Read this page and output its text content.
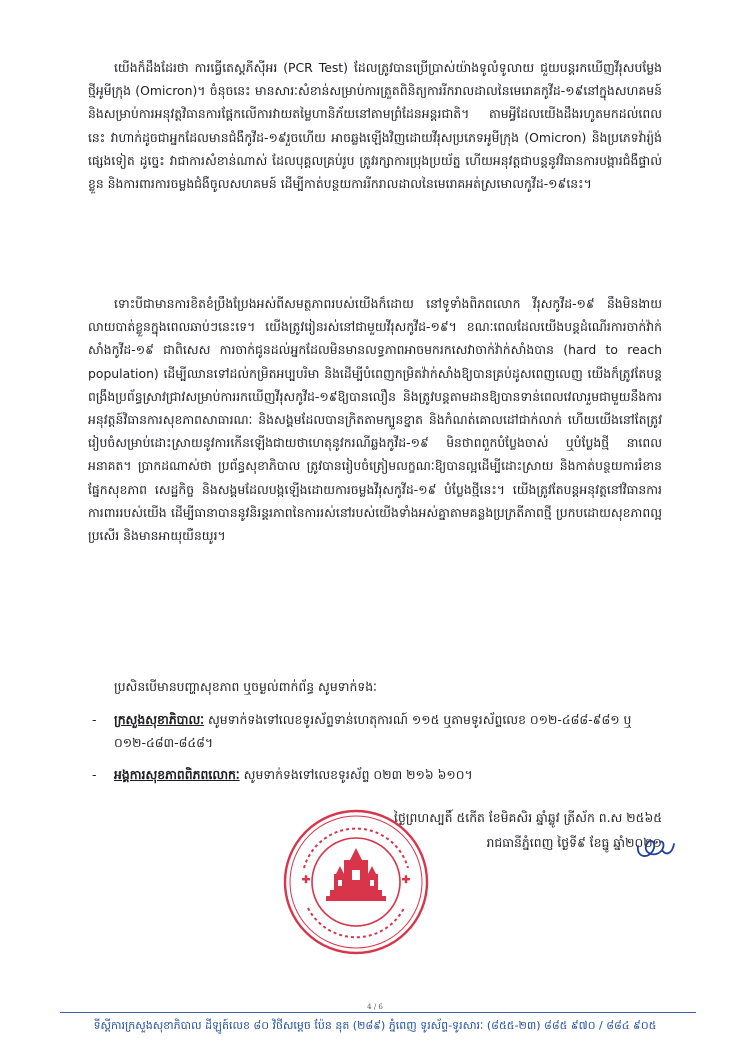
យើងក៏ដឹងដែរថា ការធ្វើតេស្តភីស៊ីអរ (PCR Test) ដែលត្រូវបានប្រើប្រាស់យ៉ាងទូលំទូលាយ ជួយបន្តរកឃើញវីរុសបម្លែងថ្មីអូមីក្រុង (Omicron)។ ចំនុចនេះ មានសារៈសំខាន់សម្រាប់ការត្រួតពិនិត្យការរីករាលដាលនៃមេរោគកូវីដ-១៩នៅក្នុងសហគមន៍ និងសម្រាប់ការអនុវត្តវិធានការផ្តែកលើការវាយតម្លៃហានិភ័យនៅតាមព្រំដែនអន្តរជាតិ។ តាមអ្វីដែលយើងដឹងរហូតមកដល់ពេលនេះ វាហាក់ដូចជាអ្នកដែលមានជំងឺកូវីដ-១៩រួចហើយ អាចឆ្លងឡើងវិញដោយវីរុសប្រភេទអូមីក្រុង (Omicron) និងប្រភេទវ៉ារ្យ៉ង់ផ្សេងទៀត ដូច្នេះ វាជាការសំខាន់ណាស់ ដែលបុគ្គលគ្រប់រូប ត្រូវរក្សាការប្រុងប្រយ័ត្ន ហើយអនុវត្តជាបន្តនូវវិធានការបង្ការជំងឺផ្ទាល់ខ្លួន និងការពារការចម្លងជំងឺចូលសហគមន៍ ដើម្បីកាត់បន្ថយការរីករាលដាលនៃមេរោគអត់ស្រមោលកូវីដ-១៩នេះ។

ទោះបីជាមានការខិតខំប្រឹងប្រែងអស់ពីសមត្ថភាពរបស់យើងក៏ដោយ នៅទូទាំងពិភពលោក វីរុសកូវីដ-១៩ នឹងមិនងាយលាយបាត់ខ្លួនក្នុងពេលឆាប់ៗនេះទេ។ យើងត្រូវរៀនរស់នៅជាមួយវីរុសកូវីដ-១៩។ ខណៈពេលដែលយើងបន្តដំណើរការចាក់វ៉ាក់សាំងកូវីដ-១៩ ជាពិសេស ការចាក់ជូនដល់អ្នកដែលមិនមានលទ្ធភាពអាចមករកសេវាចាក់វ៉ាក់សាំងបាន (hard to reach population) ដើម្បីឈានទៅដល់កម្រិតអប្បបរិមា និងដើម្បីបំពេញកម្រិតវ៉ាក់សាំងឱ្យបានគ្រប់ដូសពេញលេញ យើងក៏ត្រូវតែបន្តពង្រឹងប្រព័ន្ធស្រាវជ្រាវសម្រាប់ការរកឃើញវីរុសកូវីដ-១៩ឱ្យបានលឿន និងត្រូវបន្តតាមដានឱ្យបានទាន់ពេលវេលារួមជាមួយនឹងការអនុវត្តន៍វិធានការសុខភាពសាធារណៈ និងសង្គមដែលបានក្រិតតាមក្បួនខ្នាត និងកំណត់គោលដៅជាក់លាក់ ហើយយើងនៅតែត្រូវរៀបចំសម្រាប់ដោះស្រាយនូវការកើនឡើងជាយថាហេតុនូវករណីឆ្លងកូវីដ-១៩ មិនថាពពួកបំប្លែងចាស់ ឬបំប្លែងថ្មី នាពេលអនាគត។ ប្រាកដណាស់ថា ប្រព័ន្ធសុខាភិបាល ត្រូវបានរៀបចំត្រៀមលក្ខណៈឱ្យបានល្អដើម្បីដោះស្រាយ និងកាត់បន្ថយការរំខានផ្នែកសុខភាព សេដ្ឋកិច្ច និងសង្គមដែលបង្កឡើងដោយការចម្លងវីរុសកូវីដ-១៩ បំប្លែងថ្មីនេះ។ យើងត្រូវតែបន្តអនុវត្តនៅវិធានការការពាររបស់យើង ដើម្បីធានាបាននូវនិរន្តរភាពនៃការរស់នៅរបស់យើងទាំងអស់គ្នាតាមគន្លងប្រក្រតីភាពថ្មី ប្រកបដោយសុខភាពល្អប្រសើរ និងមានអាយុយឺនយូរ។

ប្រសិនបើមានបញ្ហាសុខភាព ឬចម្ងល់ពាក់ព័ន្ធ សូមទាក់ទងៈ

-	ក្រសួងសុខាភិបាលៈ សូមទាក់ទងទៅលេខទូរស័ព្ទទាន់ហេតុការណ៍ ១១៥ ឬតាមទូរស័ព្ទលេខ ០១២-៤៨៨-៩៨១ ឬ ០១២-៤៨៣-៨៤៨។
-	អង្គការសុខភាពពិភពលោកៈ សូមទាក់ទងទៅលេខទូរស័ព្ទ ០២៣ ២១៦ ៦១០។

ថ្ងៃព្រហស្បតិ៍ ៥កើត ខែមិគសិរ ឆ្នាំឆ្លូវ ត្រីស័ក ព.ស ២៥៦៥

រាជធានីភ្នំពេញ ថ្ងៃទី៩ ខែធ្នូ ឆ្នាំ២០២១

4 / 6
ទីស្តីការក្រសួងសុខាភិបាល ដីឡូត៍លេខ ៨០ វិថីសម្តេច ប៉ែន នុត (២៨៩) ភ្នំពេញ ទូរស័ព្ទ-ទូរសារៈ (៨៥៥-២៣) ៨៨៥ ៩៧០ / ៨៨៤ ៩០៥
